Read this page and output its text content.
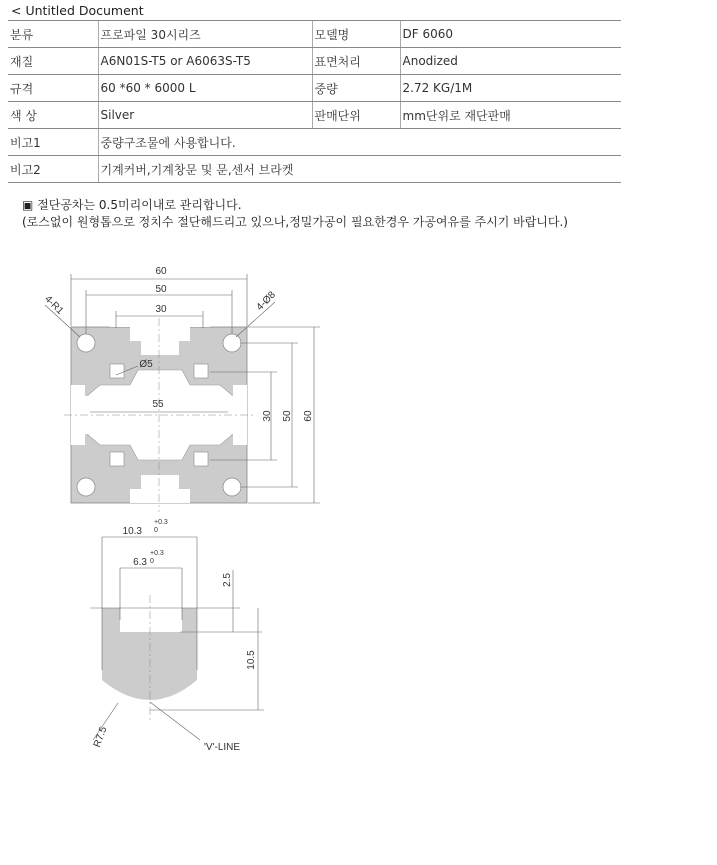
< Untitled Document
분류	프로파일 30시리즈	모델명	DF 6060
재질	A6N01S-T5 or A6063S-T5	표면처리	Anodized
규격	60 *60 * 6000 L	중량	2.72 KG/1M
색 상	Silver	판매단위	mm단위로 재단판매
비고1	중량구조물에 사용합니다.		
비고2	기계커버,기계창문 및 문,센서 브라켓		
▣ 절단공차는 0.5미리이내로 관리합니다.
(로스없이 원형톱으로 정치수 절단해드리고 있으나,정밀가공이 필요한경우 가공여유를 주시기 바랍니다.)
60
50
30
30 50 60
55
Ø5
4-R1	4-Ø8
10.3
+0.3
0
6.3
+0.3
0
2.5
10.5
R7.5	'V'-LINE
